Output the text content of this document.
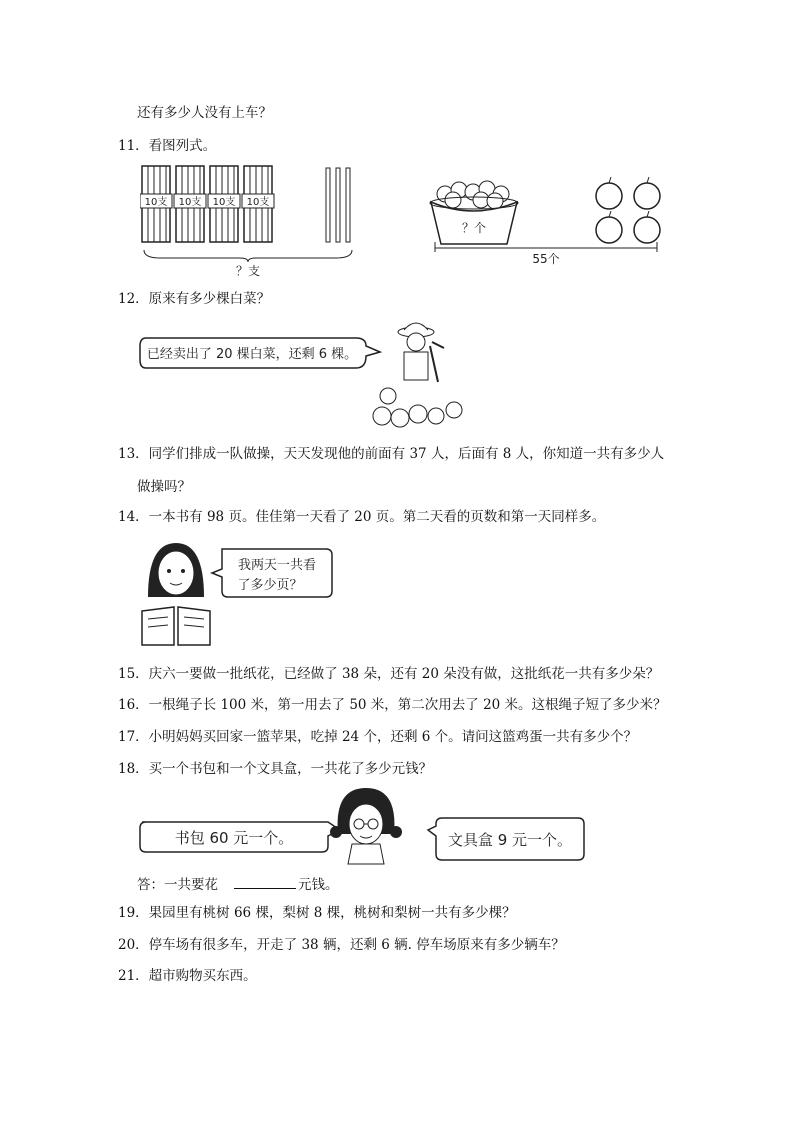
还有多少人没有上车？
11．看图列式。
10支 10支 10支 10支
？支
？个
55个
12．原来有多少棵白菜？
已经卖出了 20 棵白菜，还剩 6 棵。
13．同学们排成一队做操，天天发现他的前面有 37 人，后面有 8 人，你知道一共有多少人
做操吗？
14．一本书有 98 页。佳佳第一天看了 20 页。第二天看的页数和第一天同样多。
我两天一共看
了多少页？
15．庆六一要做一批纸花，已经做了 38 朵，还有 20 朵没有做，这批纸花一共有多少朵？
16．一根绳子长 100 米，第一用去了 50 米，第二次用去了 20 米。这根绳子短了多少米？
17．小明妈妈买回家一篮苹果，吃掉 24 个，还剩 6 个。请问这篮鸡蛋一共有多少个？
18．买一个书包和一个文具盒，一共花了多少元钱？
书包 60 元一个。	文具盒 9 元一个。
答：一共要花	元钱。
19．果园里有桃树 66 棵，梨树 8 棵，桃树和梨树一共有多少棵？
20．停车场有很多车，开走了 38 辆，还剩 6 辆. 停车场原来有多少辆车？
21．超市购物买东西。
